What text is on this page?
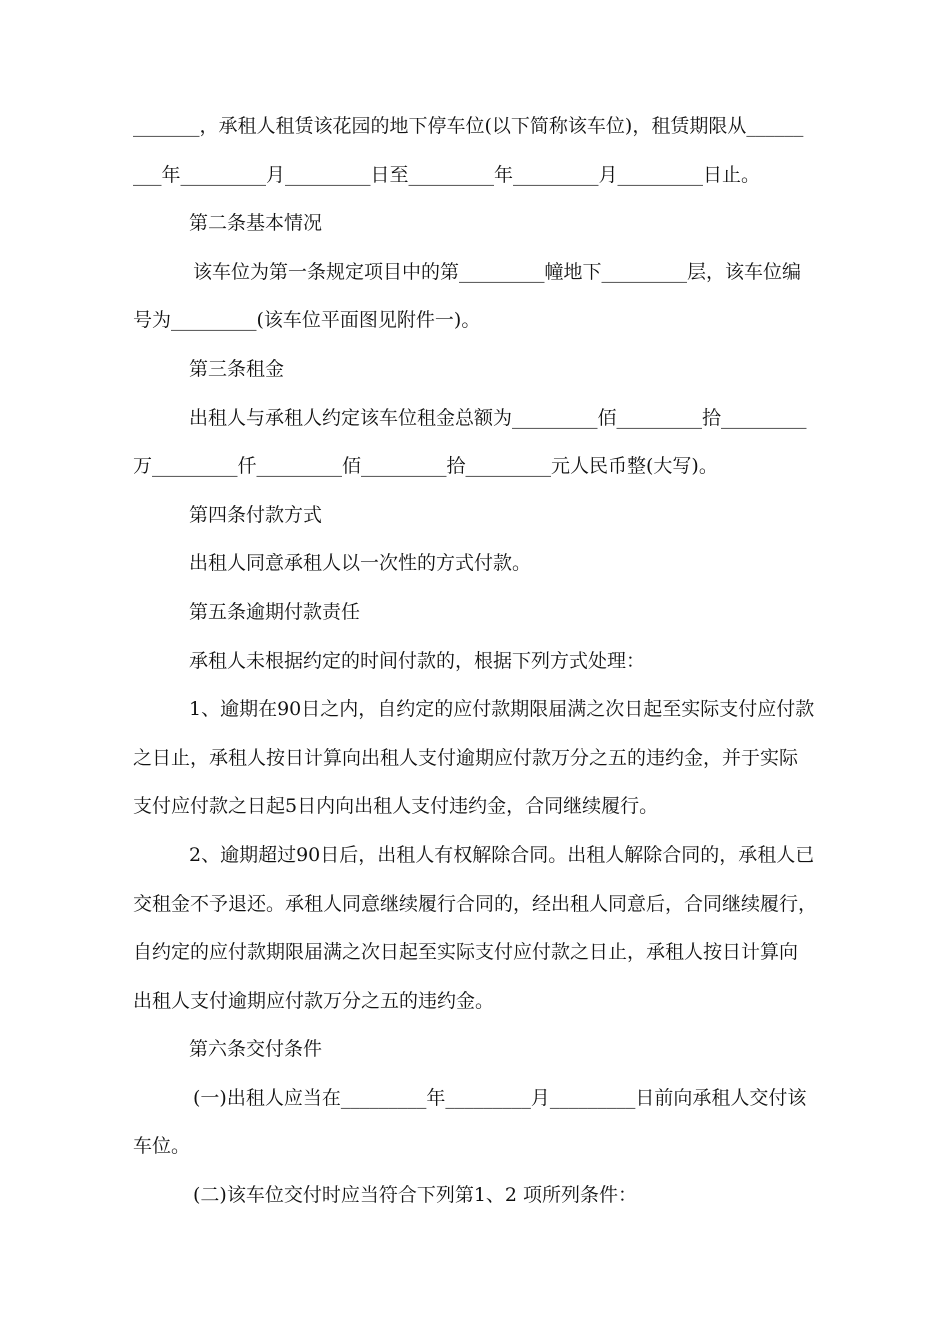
_______，承租人租赁该花园的地下停车位(以下简称该车位)，租赁期限从______
___年_________月_________日至_________年_________月_________日止。
第二条基本情况
该车位为第一条规定项目中的第_________幢地下_________层，该车位编
号为_________(该车位平面图见附件一)。
第三条租金
出租人与承租人约定该车位租金总额为_________佰_________拾_________
万_________仟_________佰_________拾_________元人民币整(大写)。
第四条付款方式
出租人同意承租人以一次性的方式付款。
第五条逾期付款责任
承租人未根据约定的时间付款的，根据下列方式处理：
1、逾期在90日之内，自约定的应付款期限届满之次日起至实际支付应付款
之日止，承租人按日计算向出租人支付逾期应付款万分之五的违约金，并于实际
支付应付款之日起5日内向出租人支付违约金，合同继续履行。
2、逾期超过90日后，出租人有权解除合同。出租人解除合同的，承租人已
交租金不予退还。承租人同意继续履行合同的，经出租人同意后，合同继续履行，
自约定的应付款期限届满之次日起至实际支付应付款之日止，承租人按日计算向
出租人支付逾期应付款万分之五的违约金。
第六条交付条件
(一)出租人应当在_________年_________月_________日前向承租人交付该
车位。
(二)该车位交付时应当符合下列第1、2 项所列条件：
